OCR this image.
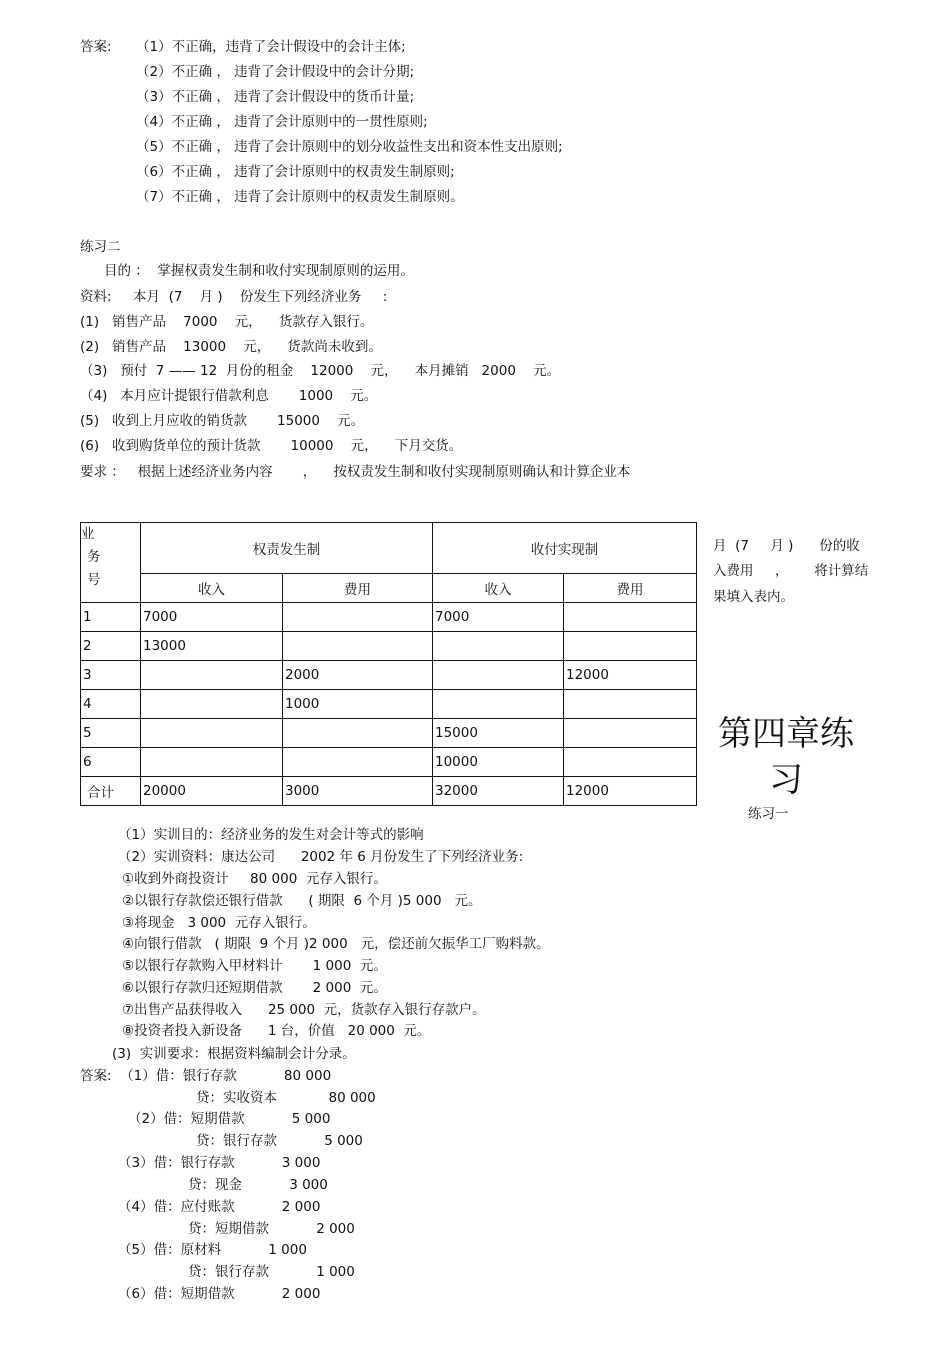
答案: （1）不正确，违背了会计假设中的会计主体;
（2）不正确 ， 违背了会计假设中的会计分期;
（3）不正确 ， 违背了会计假设中的货币计量;
（4）不正确 ， 违背了会计原则中的一贯性原则;
（5）不正确 ， 违背了会计原则中的划分收益性支出和资本性支出原则;
（6）不正确 ， 违背了会计原则中的权责发生制原则;
（7）不正确 ， 违背了会计原则中的权责发生制原则。
练习二
目的 ：  掌握权责发生制和收付实现制原则的运用。
资料:     本月  (7    月 )    份发生下列经济业务     :
(1)   销售产品    7000    元，    货款存入银行。
(2)   销售产品    13000    元，    货款尚未收到。
（3)   预付  7 —— 12  月份的租金    12000    元，    本月摊销   2000    元。
（4)   本月应计提银行借款利息       1000    元。
(5)   收到上月应收的销货款       15000    元。
(6)   收到购货单位的预计货款       10000    元，    下月交货。
要求 ：   根据上述经济业务内容       ，    按权责发生制和收付实现制原则确认和计算企业本
月  (7     月 )      份的收
入费用     ，      将计算结
果填入表内。
业
务
号	权责发生制		收付实现制	
	收入	费用	收入	费用
1	7000		7000	
2	13000			
3		2000		12000
4		1000		
5			15000	
6			10000	
合计	20000	3000	32000	12000
第四章练
习
练习一
（1）实训目的：经济业务的发生对会计等式的影响
（2）实训资料：康达公司      2002 年 6 月份发生了下列经济业务:
①收到外商投资计     80 000  元存入银行。
②以银行存款偿还银行借款      ( 期限  6 个月 )5 000   元。
③将现金   3 000  元存入银行。
④向银行借款   ( 期限  9 个月 )2 000   元，偿还前欠振华工厂购料款。
⑤以银行存款购入甲材料计       1 000  元。
⑥以银行存款归还短期借款       2 000  元。
⑦出售产品获得收入      25 000  元，货款存入银行存款户。
⑧投资者投入新设备      1 台，价值   20 000  元。
(3)  实训要求：根据资料编制会计分录。
答案:  （1）借：银行存款           80 000
贷：实收资本            80 000
（2）借：短期借款           5 000
贷：银行存款           5 000
（3）借：银行存款           3 000
贷：现金           3 000
（4）借：应付账款           2 000
贷：短期借款           2 000
（5）借：原材料           1 000
贷：银行存款           1 000
（6）借：短期借款           2 000
